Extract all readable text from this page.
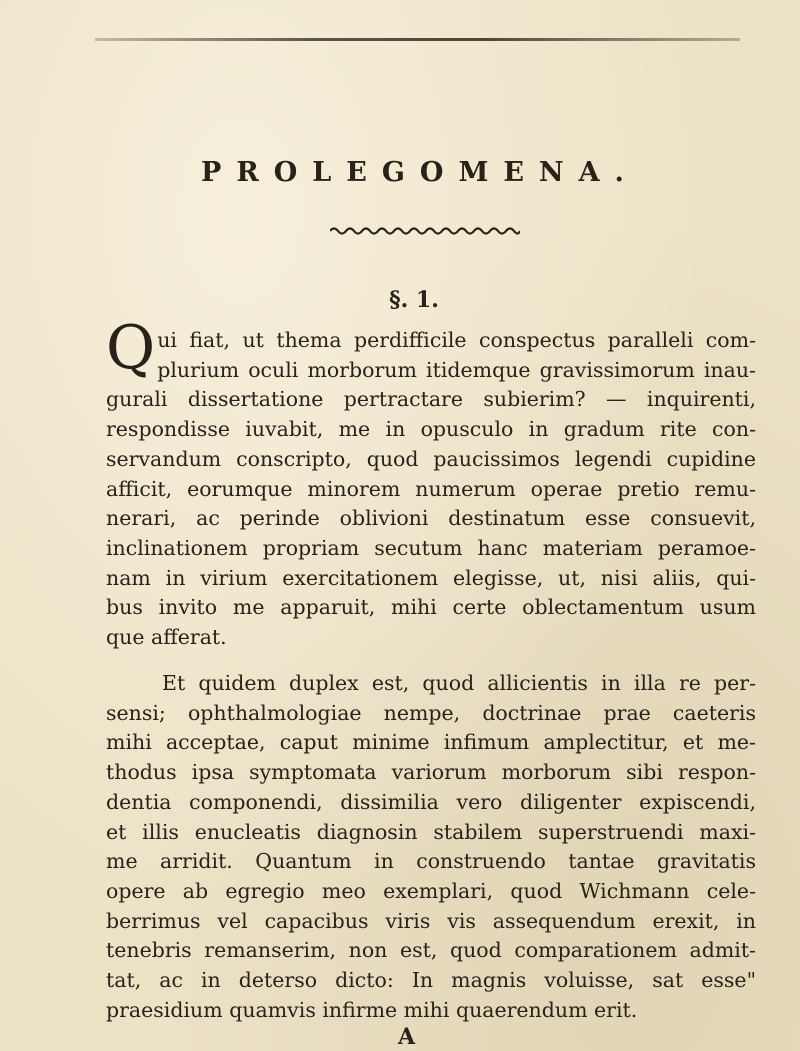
PROLEGOMENA.
§. 1.
Q ui fiat, ut thema perdifficile conspectus paralleli com-
plurium oculi morborum itidemque gravissimorum inau-
gurali dissertatione pertractare subierim? — inquirenti,
respondisse iuvabit, me in opusculo in gradum rite con-
servandum conscripto, quod paucissimos legendi cupidine
afficit, eorumque minorem numerum operae pretio remu-
nerari, ac perinde oblivioni destinatum esse consuevit,
inclinationem propriam secutum hanc materiam peramoe-
nam in virium exercitationem elegisse, ut, nisi aliis, qui-
bus invito me apparuit, mihi certe oblectamentum usum
que afferat.
Et quidem duplex est, quod allicientis in illa re per-
sensi; ophthalmologiae nempe, doctrinae prae caeteris
mihi acceptae, caput minime infimum amplectitur, et me-
thodus ipsa symptomata variorum morborum sibi respon-
dentia componendi, dissimilia vero diligenter expiscendi,
et illis enucleatis diagnosin stabilem superstruendi maxi-
me arridit. Quantum in construendo tantae gravitatis
opere ab egregio meo exemplari, quod Wichmann cele-
berrimus vel capacibus viris vis assequendum erexit, in
tenebris remanserim, non est, quod comparationem admit-
tat, ac in deterso dicto: In magnis voluisse, sat esse"
praesidium quamvis infirme mihi quaerendum erit.
A
